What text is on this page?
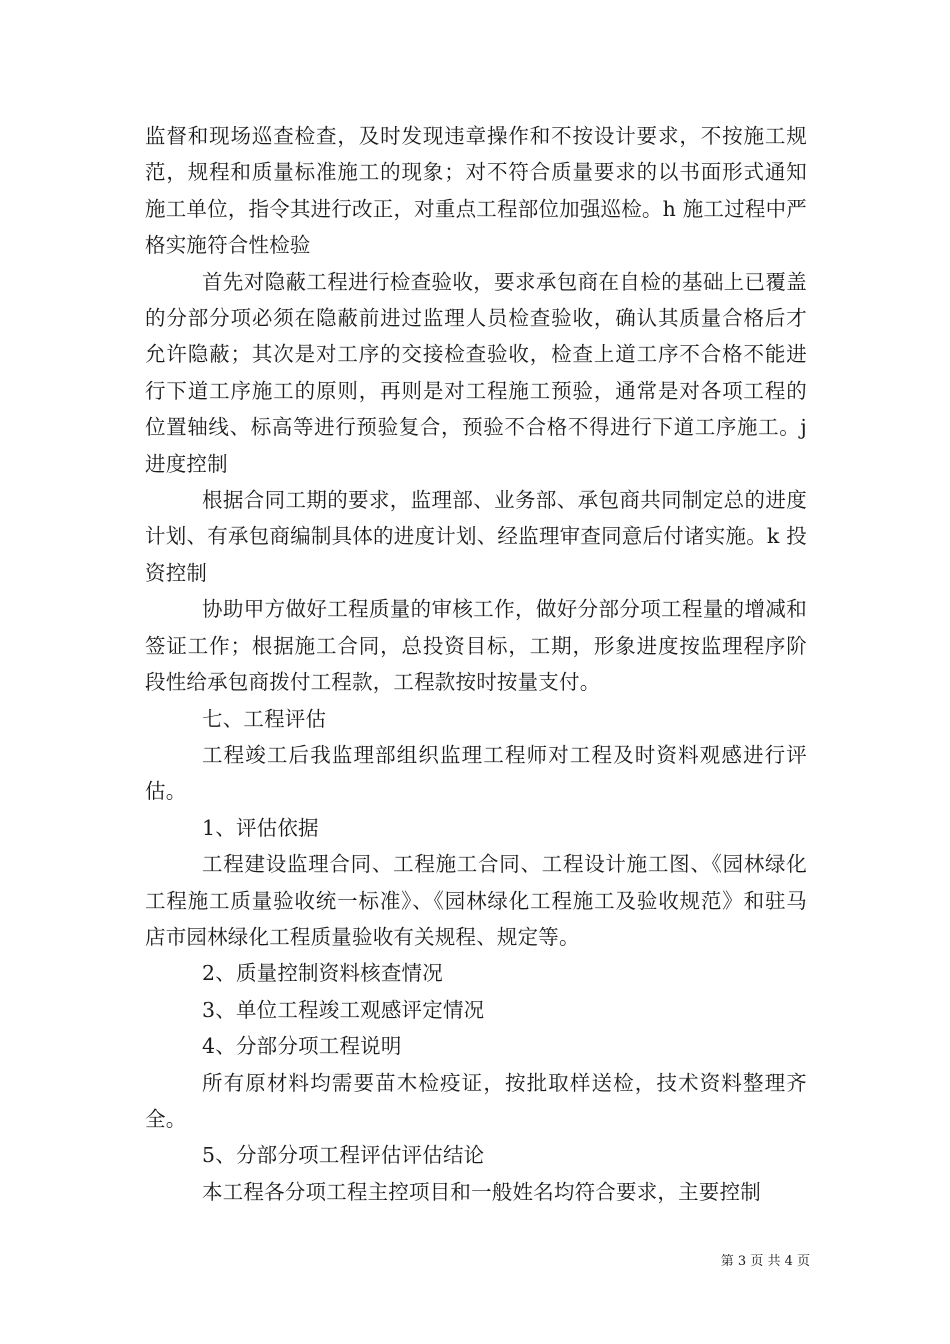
监督和现场巡查检查，及时发现违章操作和不按设计要求，不按施工规范，规程和质量标准施工的现象；对不符合质量要求的以书面形式通知施工单位，指令其进行改正，对重点工程部位加强巡检。h 施工过程中严格实施符合性检验

首先对隐蔽工程进行检查验收，要求承包商在自检的基础上已覆盖的分部分项必须在隐蔽前进过监理人员检查验收，确认其质量合格后才允许隐蔽；其次是对工序的交接检查验收，检查上道工序不合格不能进行下道工序施工的原则，再则是对工程施工预验，通常是对各项工程的位置轴线、标高等进行预验复合，预验不合格不得进行下道工序施工。j 进度控制

根据合同工期的要求，监理部、业务部、承包商共同制定总的进度计划、有承包商编制具体的进度计划、经监理审查同意后付诸实施。k 投资控制

协助甲方做好工程质量的审核工作，做好分部分项工程量的增减和签证工作；根据施工合同，总投资目标，工期，形象进度按监理程序阶段性给承包商拨付工程款，工程款按时按量支付。

七、工程评估

工程竣工后我监理部组织监理工程师对工程及时资料观感进行评估。

1、评估依据

工程建设监理合同、工程施工合同、工程设计施工图、《园林绿化工程施工质量验收统一标准》、《园林绿化工程施工及验收规范》和驻马店市园林绿化工程质量验收有关规程、规定等。

2、质量控制资料核查情况

3、单位工程竣工观感评定情况

4、分部分项工程说明

所有原材料均需要苗木检疫证，按批取样送检，技术资料整理齐全。

5、分部分项工程评估评估结论

本工程各分项工程主控项目和一般姓名均符合要求，主要控制

第 3 页 共 4 页
